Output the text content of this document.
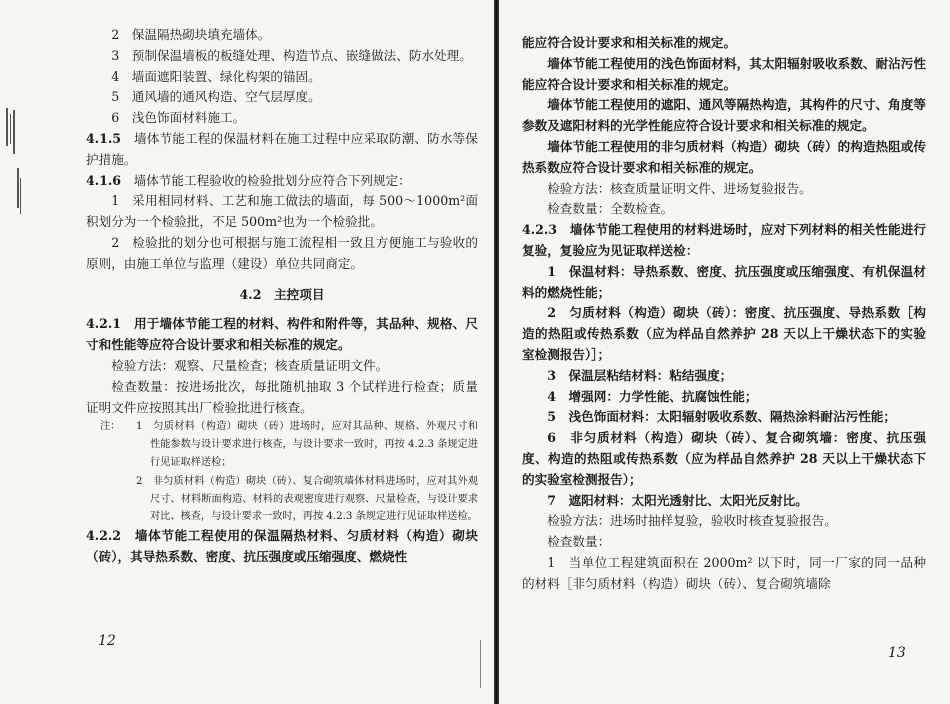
2　保温隔热砌块填充墙体。

3　预制保温墙板的板缝处理、构造节点、嵌缝做法、防水处理。

4　墙面遮阳装置、绿化构架的锚固。

5　通风墙的通风构造、空气层厚度。

6　浅色饰面材料施工。

4.1.5　 墙体节能工程的保温材料在施工过程中应采取防潮、防水等保护措施。

4.1.6　 墙体节能工程验收的检验批划分应符合下列规定：

1　采用相同材料、工艺和施工做法的墙面，每 500～1000m²面积划分为一个检验批，不足 500m²也为一个检验批。

2　检验批的划分也可根据与施工流程相一致且方便施工与验收的原则，由施工单位与监理（建设）单位共同商定。

4.2　主控项目

4.2.1　 用于墙体节能工程的材料、构件和附件等，其品种、规格、尺寸和性能等应符合设计要求和相关标准的规定。

检验方法：观察、尺量检查；核查质量证明文件。

检查数量：按进场批次，每批随机抽取 3 个试样进行检查；质量证明文件应按照其出厂检验批进行核查。

注： 1　匀质材料（构造）砌块（砖）进场时，应对其品种、规格、外观尺寸和性能参数与设计要求进行核查，与设计要求一致时，再按 4.2.3 条规定进行见证取样送检；

2　非匀质材料（构造）砌块（砖）、复合砌筑墙体材料进场时，应对其外观尺寸、材料断面构造、材料的表观密度进行观察、尺量检查，与设计要求对比、核查，与设计要求一致时，再按 4.2.3 条规定进行见证取样送检。

4.2.2　 墙体节能工程使用的保温隔热材料、匀质材料（构造）砌块（砖），其导热系数、密度、抗压强度或压缩强度、燃烧性

12

能应符合设计要求和相关标准的规定。

墙体节能工程使用的浅色饰面材料，其太阳辐射吸收系数、耐沾污性能应符合设计要求和相关标准的规定。

墙体节能工程使用的遮阳、通风等隔热构造，其构件的尺寸、角度等参数及遮阳材料的光学性能应符合设计要求和相关标准的规定。

墙体节能工程使用的非匀质材料（构造）砌块（砖）的构造热阻或传热系数应符合设计要求和相关标准的规定。

检验方法：核查质量证明文件、进场复验报告。

检查数量：全数检查。

4.2.3　 墙体节能工程使用的材料进场时，应对下列材料的相关性能进行复验，复验应为见证取样送检：

1　保温材料：导热系数、密度、抗压强度或压缩强度、有机保温材料的燃烧性能；

2　匀质材料（构造）砌块（砖）：密度、抗压强度、导热系数［构造的热阻或传热系数（应为样品自然养护 28 天以上干燥状态下的实验室检测报告）］；

3　保温层粘结材料：粘结强度；

4　增强网：力学性能、抗腐蚀性能；

5　浅色饰面材料：太阳辐射吸收系数、隔热涂料耐沾污性能；

6　非匀质材料（构造）砌块（砖）、复合砌筑墙：密度、抗压强度、构造的热阻或传热系数（应为样品自然养护 28 天以上干燥状态下的实验室检测报告）；

7　遮阳材料：太阳光透射比、太阳光反射比。

检验方法：进场时抽样复验，验收时核查复验报告。

检查数量：

1　当单位工程建筑面积在 2000m² 以下时，同一厂家的同一品种的材料［非匀质材料（构造）砌块（砖）、复合砌筑墙除

13
